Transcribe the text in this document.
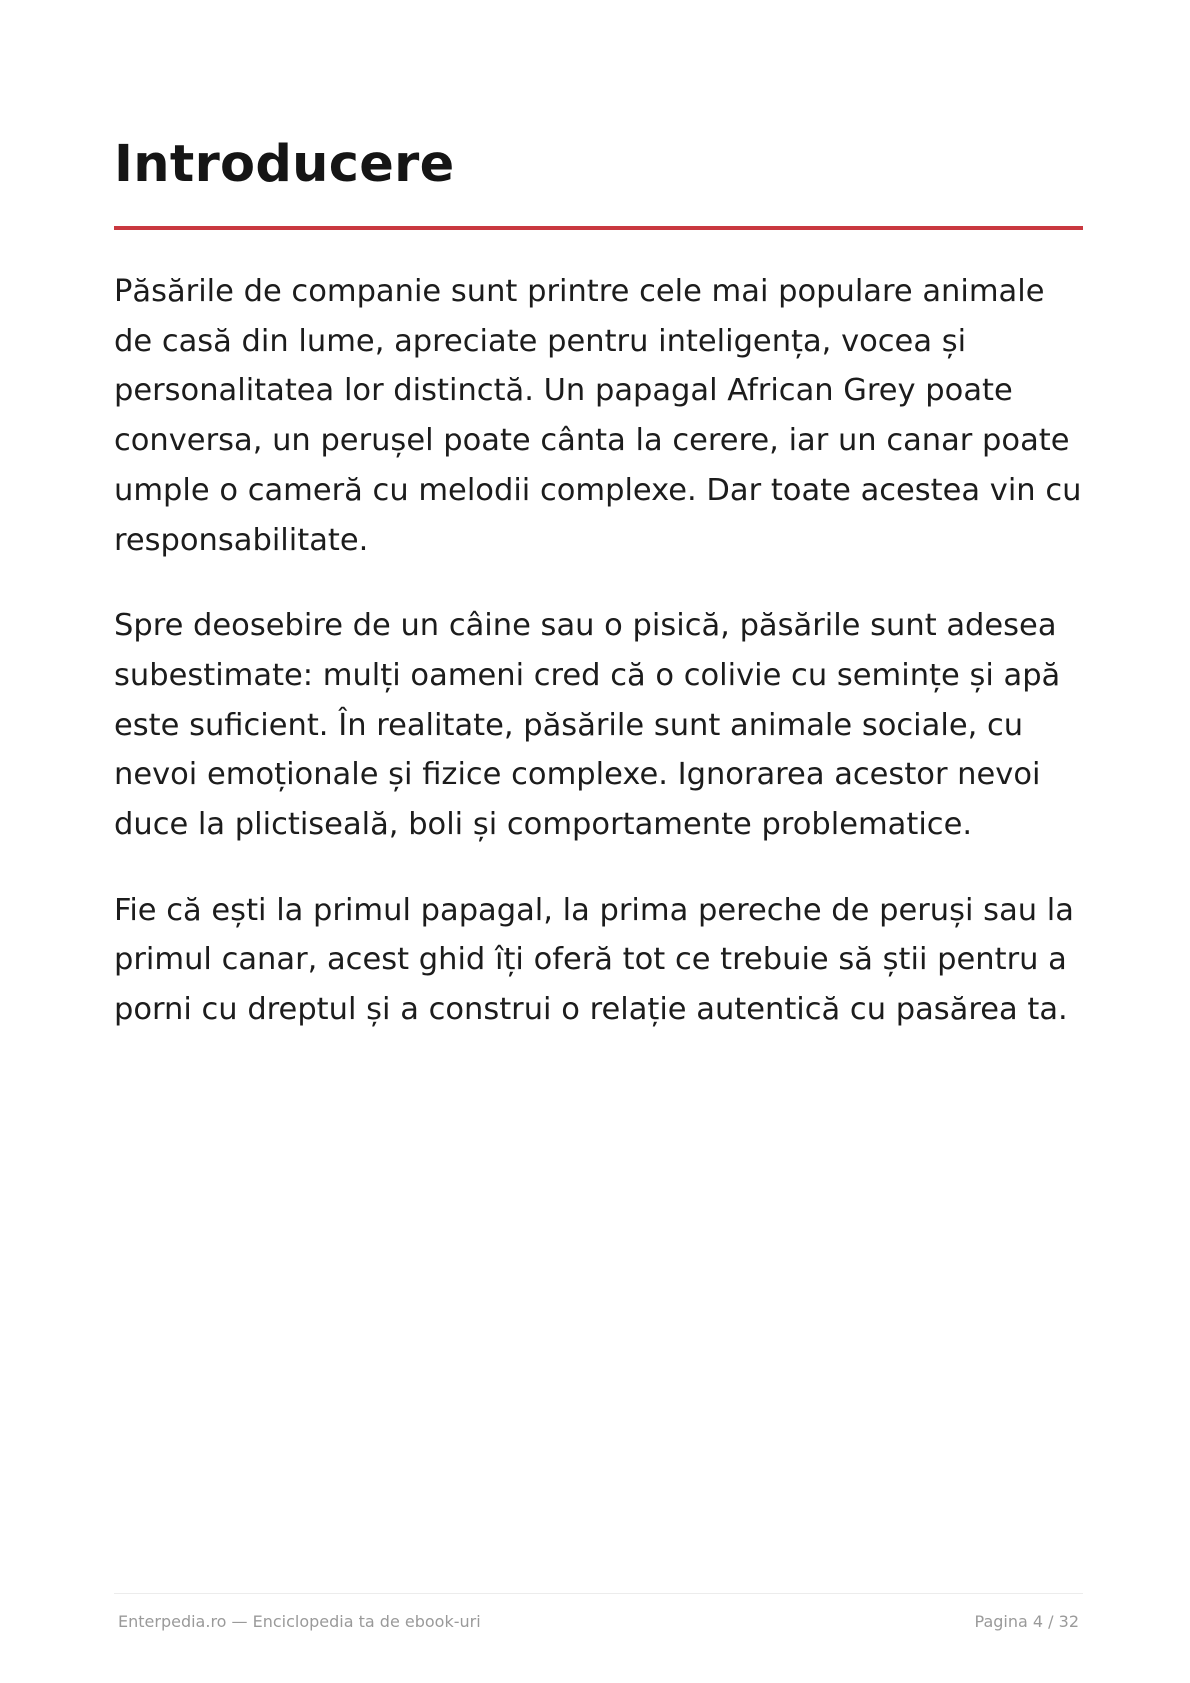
Introducere

Păsările de companie sunt printre cele mai populare animale de casă din lume, apreciate pentru inteligența, vocea și personalitatea lor distinctă. Un papagal African Grey poate conversa, un perușel poate cânta la cerere, iar un canar poate umple o cameră cu melodii complexe. Dar toate acestea vin cu responsabilitate.

Spre deosebire de un câine sau o pisică, păsările sunt adesea subestimate: mulți oameni cred că o colivie cu semințe și apă este suficient. În realitate, păsările sunt animale sociale, cu nevoi emoționale și fizice complexe. Ignorarea acestor nevoi duce la plictiseală, boli și comportamente problematice.

Fie că ești la primul papagal, la prima pereche de peruși sau la primul canar, acest ghid îți oferă tot ce trebuie să știi pentru a porni cu dreptul și a construi o relație autentică cu pasărea ta.

Enterpedia.ro — Enciclopedia ta de ebook-uri	Pagina 4 / 32
